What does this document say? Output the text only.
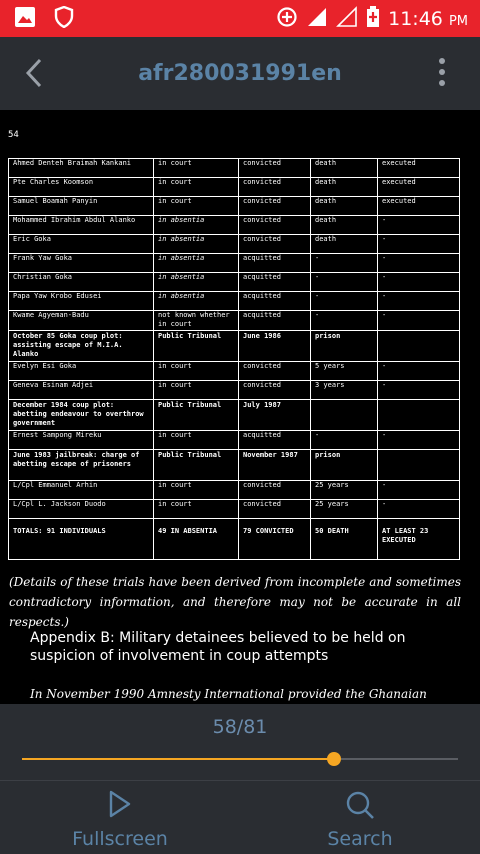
11:46 PM
afr280031991en
54
Ahmed Denteh Braimah Kankani	in court	convicted	death	executed
Pte Charles Koomson	in court	convicted	death	executed
Samuel Boamah Panyin	in court	convicted	death	executed
Mohammed Ibrahim Abdul Alanko	in absentia	convicted	death	-
Eric Goka	in absentia	convicted	death	-
Frank Yaw Goka	in absentia	acquitted	-	-
Christian Goka	in absentia	acquitted	-	-
Papa Yaw Krobo Edusei	in absentia	acquitted	-	-
Kwame Agyeman-Badu	not known whether in court	acquitted	-	-
October 85 Goka coup plot: assisting escape of M.I.A. Alanko	Public Tribunal	June 1986	prison	
Evelyn Esi Goka	in court	convicted	5 years	-
Geneva Esinam Adjei	in court	convicted	3 years	-
December 1984 coup plot: abetting endeavour to overthrow government	Public Tribunal	July 1987		
Ernest Sampong Mireku	in court	acquitted	-	-
June 1983 jailbreak: charge of abetting escape of prisoners	Public Tribunal	November 1987	prison	
L/Cpl Emmanuel Arhin	in court	convicted	25 years	-
L/Cpl L. Jackson Duodo	in court	convicted	25 years	-
TOTALS: 91 INDIVIDUALS	49 IN ABSENTIA	79 CONVICTED	50 DEATH	AT LEAST 23 EXECUTED
(Details of these trials have been derived from incomplete and sometimes contradictory information, and therefore may not be accurate in all respects.)
Appendix B: Military detainees believed to be held on suspicion of involvement in coup attempts
In November 1990 Amnesty International provided the Ghanaian
58/81
Fullscreen	Search
